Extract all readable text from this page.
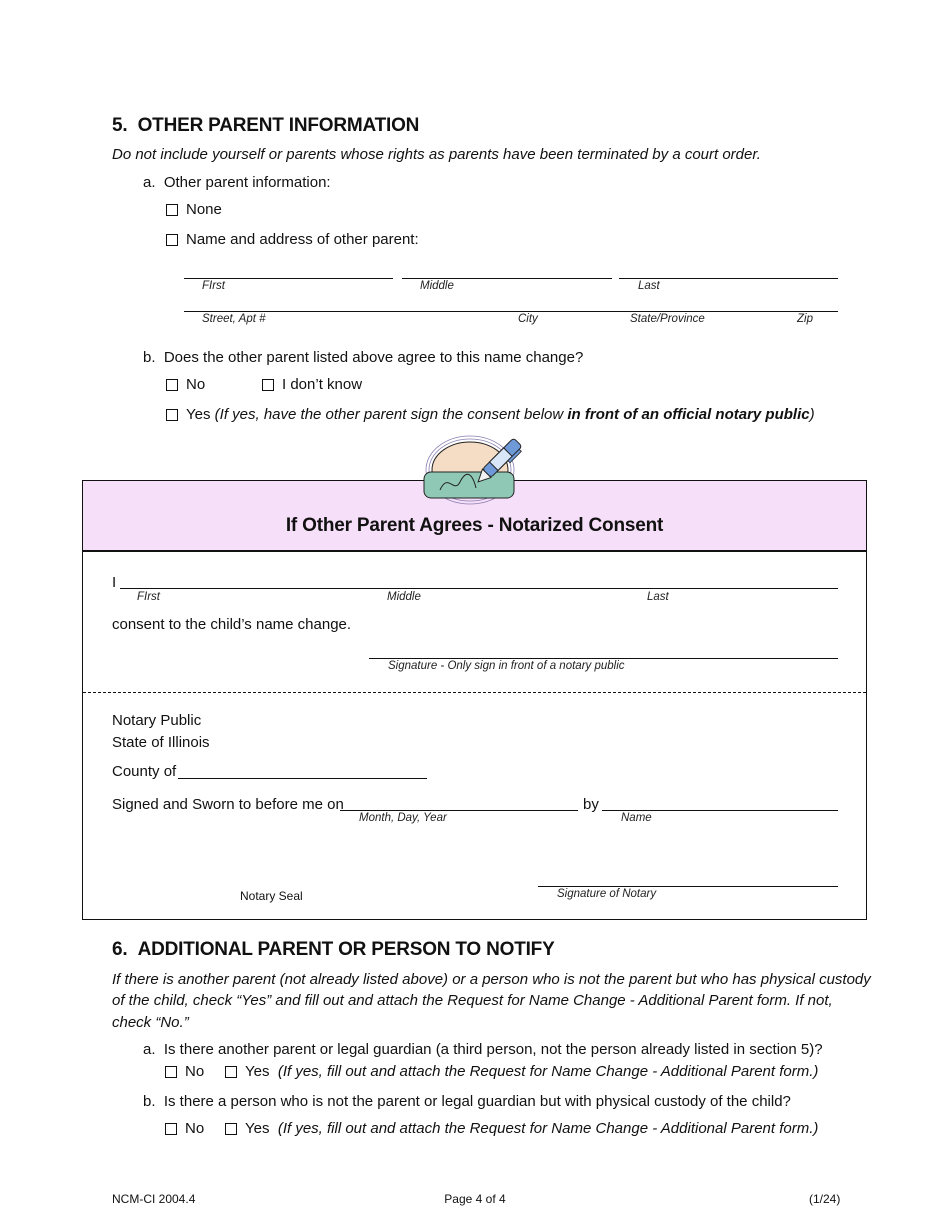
5.  OTHER PARENT INFORMATION
Do not include yourself or parents whose rights as parents have been terminated by a court order.
a.  Other parent information:
None
Name and address of other parent:
FIrst	Middle	Last
Street, Apt #	City	State/Province	Zip
b.  Does the other parent listed above agree to this name change?
No	I don’t know
Yes (If yes, have the other parent sign the consent below in front of an official notary public)
If Other Parent Agrees - Notarized Consent
I
FIrst	Middle	Last
consent to the child’s name change.
Signature - Only sign in front of a notary public
Notary Public
State of Illinois
County of
Signed and Sworn to before me on	by
Month, Day, Year	Name
Signature of Notary
Notary Seal
6.  ADDITIONAL PARENT OR PERSON TO NOTIFY
If there is another parent (not already listed above) or a person who is not the parent but who has physical custody
of the child, check “Yes” and fill out and attach the Request for Name Change - Additional Parent form. If not,
check “No.”
a.  Is there another parent or legal guardian (a third person, not the person already listed in section 5)?
No	Yes (If yes, fill out and attach the Request for Name Change - Additional Parent form.)
b.  Is there a person who is not the parent or legal guardian but with physical custody of the child?
No	Yes (If yes, fill out and attach the Request for Name Change - Additional Parent form.)
NCM-CI 2004.4	Page 4 of 4	(1/24)
